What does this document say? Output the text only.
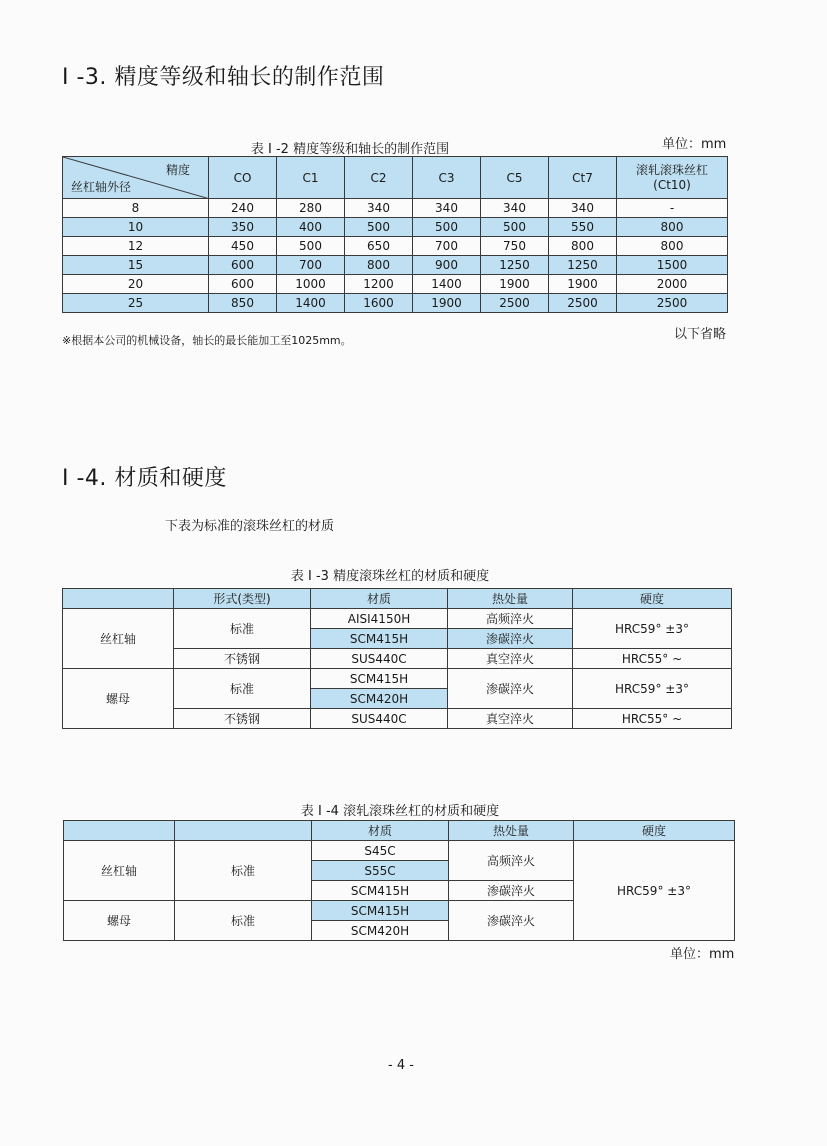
I -3. 精度等级和轴长的制作范围
表 I -2 精度等级和轴长的制作范围	单位：mm
精度
丝杠轴外径	CO	C1	C2	C3	C5	Ct7	滚轧滚珠丝杠
(Ct10)
8	240	280	340	340	340	340	-
10	350	400	500	500	500	550	800
12	450	500	650	700	750	800	800
15	600	700	800	900	1250	1250	1500
20	600	1000	1200	1400	1900	1900	2000
25	850	1400	1600	1900	2500	2500	2500
※根据本公司的机械设备，轴长的最长能加工至1025mm。	以下省略
I -4. 材质和硬度
下表为标准的滚珠丝杠的材质
表 I -3 精度滚珠丝杠的材质和硬度
	形式(类型)	材质	热处量	硬度
丝杠轴	标准	AISI4150H	高频淬火	HRC59° ±3°
		SCM415H	渗碳淬火	
	不锈钢	SUS440C	真空淬火	HRC55° ~
螺母	标准	SCM415H	渗碳淬火	HRC59° ±3°
		SCM420H		
	不锈钢	SUS440C	真空淬火	HRC55° ~
表 I -4 滚轧滚珠丝杠的材质和硬度
		材质	热处量	硬度
丝杠轴	标准	S45C	高频淬火	HRC59° ±3°
		S55C		
		SCM415H	渗碳淬火	
螺母	标准	SCM415H	渗碳淬火	
		SCM420H		
单位：mm
- 4 -
